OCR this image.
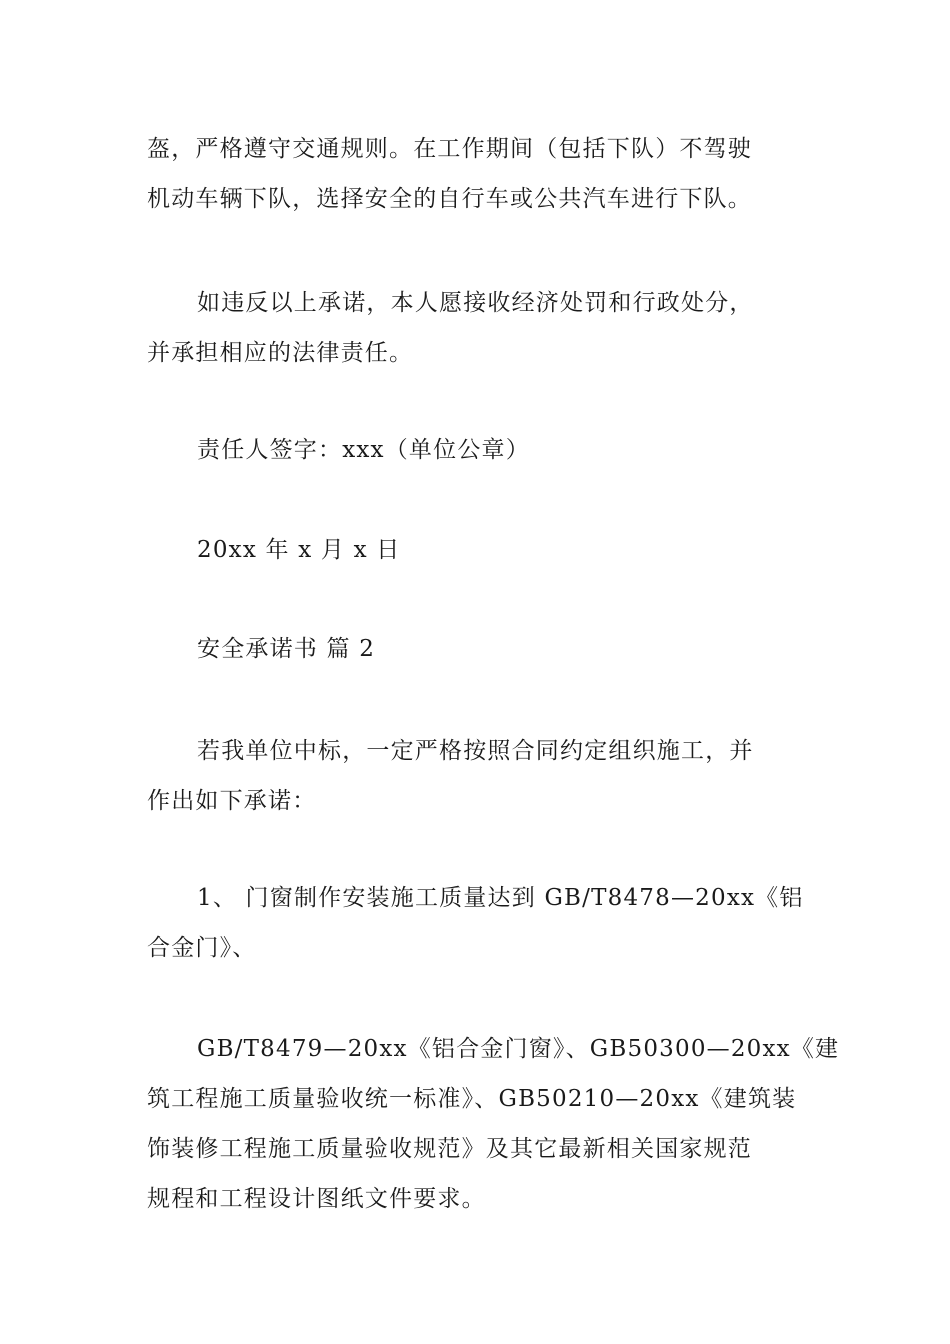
盔，严格遵守交通规则。在工作期间（包括下队）不驾驶
机动车辆下队，选择安全的自行车或公共汽车进行下队。

如违反以上承诺，本人愿接收经济处罚和行政处分，
并承担相应的法律责任。

责任人签字：xxx（单位公章）

20xx 年 x 月 x 日

安全承诺书 篇 2

若我单位中标，一定严格按照合同约定组织施工，并
作出如下承诺：

1、 门窗制作安装施工质量达到 GB/T8478—20xx《铝
合金门》、

GB/T8479—20xx《铝合金门窗》、GB50300—20xx《建
筑工程施工质量验收统一标准》、GB50210—20xx《建筑装
饰装修工程施工质量验收规范》及其它最新相关国家规范
规程和工程设计图纸文件要求。
